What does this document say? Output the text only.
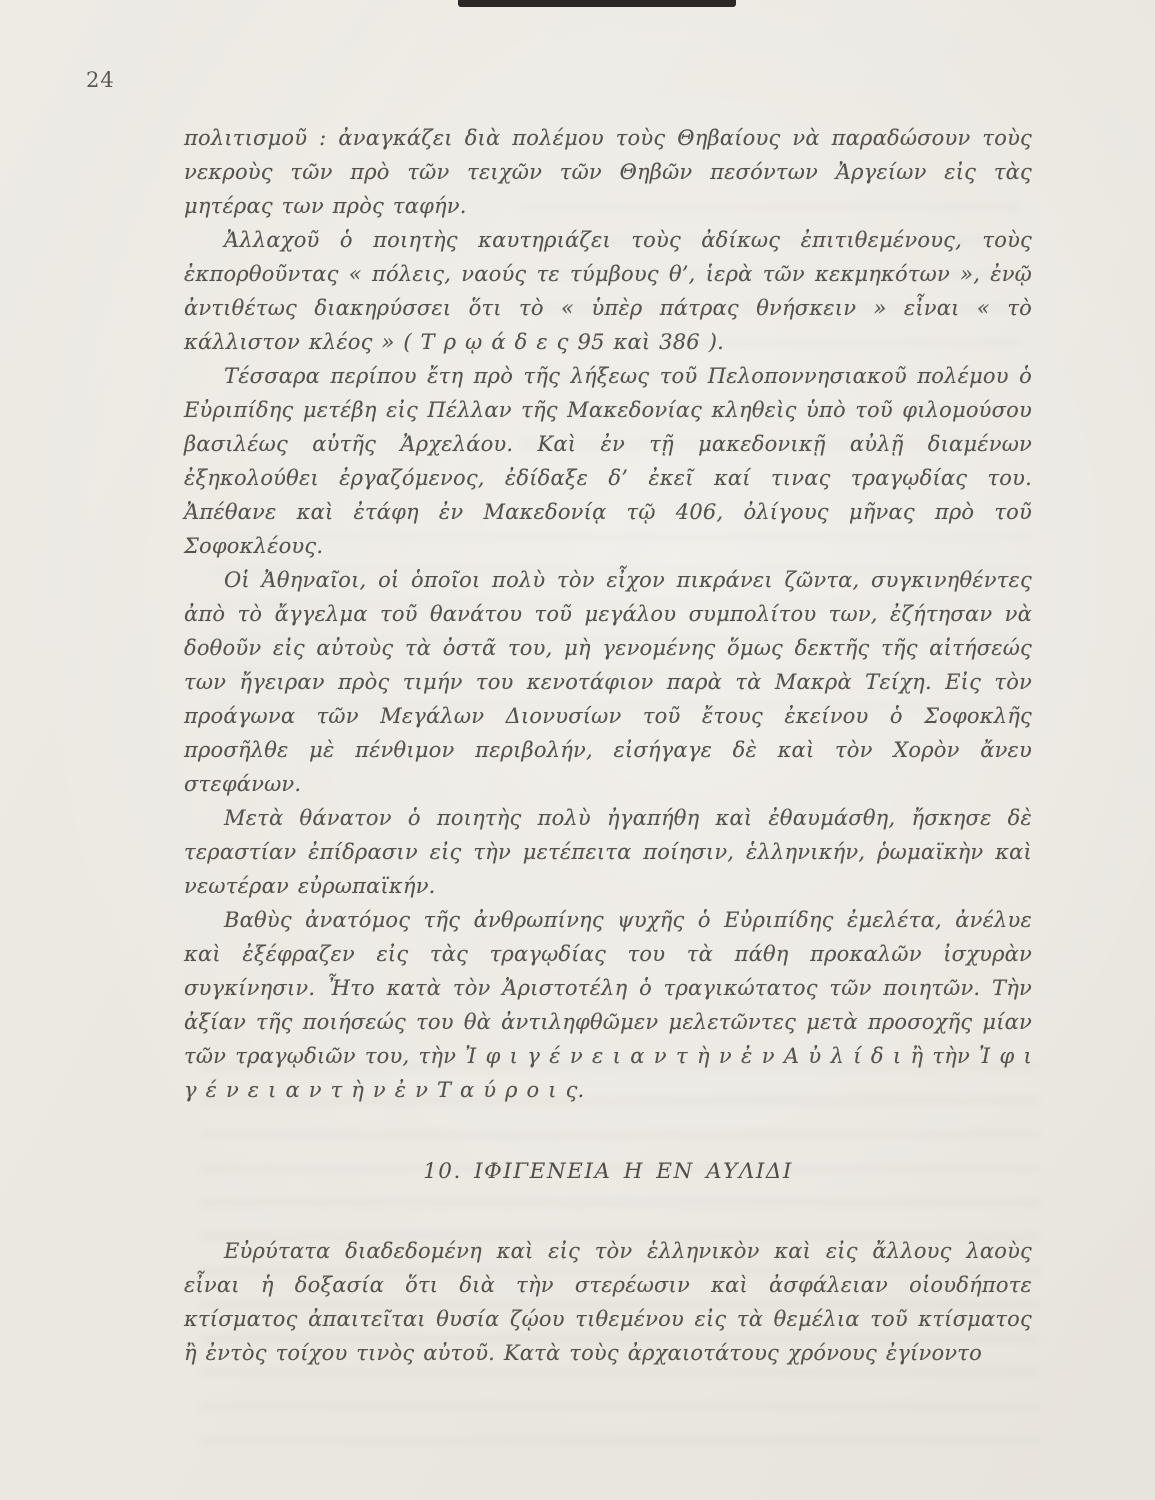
24

πολιτισμοῦ : ἀναγκάζει διὰ πολέμου τοὺς Θηβαίους νὰ παραδώσουν τοὺς νεκροὺς τῶν πρὸ τῶν τειχῶν τῶν Θηβῶν πεσόντων Ἀργείων εἰς τὰς μητέρας των πρὸς ταφήν.

Ἀλλαχοῦ ὁ ποιητὴς καυτηριάζει τοὺς ἀδίκως ἐπιτιθεμένους, τοὺς ἐκπορθοῦντας « πόλεις, ναούς τε τύμβους θ’, ἱερὰ τῶν κεκμηκότων », ἐνῷ ἀντιθέτως διακηρύσσει ὅτι τὸ « ὑπὲρ πάτρας θνήσκειν » εἶναι « τὸ κάλλιστον κλέος » ( Τ ρ ῳ ά δ ε ς 95 καὶ 386 ).

Τέσσαρα περίπου ἔτη πρὸ τῆς λήξεως τοῦ Πελοποννησιακοῦ πολέμου ὁ Εὐριπίδης μετέβη εἰς Πέλλαν τῆς Μακεδονίας κληθεὶς ὑπὸ τοῦ φιλομούσου βασιλέως αὐτῆς Ἀρχελάου. Καὶ ἐν τῇ μακεδονικῇ αὐλῇ διαμένων ἐξηκολούθει ἐργαζόμενος, ἐδίδαξε δ’ ἐκεῖ καί τινας τραγῳδίας του. Ἀπέθανε καὶ ἐτάφη ἐν Μακεδονίᾳ τῷ 406, ὀλίγους μῆνας πρὸ τοῦ Σοφοκλέους.

Οἱ Ἀθηναῖοι, οἱ ὁποῖοι πολὺ τὸν εἶχον πικράνει ζῶντα, συγκινηθέντες ἀπὸ τὸ ἄγγελμα τοῦ θανάτου τοῦ μεγάλου συμπολίτου των, ἐζήτησαν νὰ δοθοῦν εἰς αὐτοὺς τὰ ὀστᾶ του, μὴ γενομένης ὅμως δεκτῆς τῆς αἰτήσεώς των ἤγειραν πρὸς τιμήν του κενοτάφιον παρὰ τὰ Μακρὰ Τείχη. Εἰς τὸν προάγωνα τῶν Μεγάλων Διονυσίων τοῦ ἔτους ἐκείνου ὁ Σοφοκλῆς προσῆλθε μὲ πένθιμον περιβολήν, εἰσήγαγε δὲ καὶ τὸν Χορὸν ἄνευ στεφάνων.

Μετὰ θάνατον ὁ ποιητὴς πολὺ ἠγαπήθη καὶ ἐθαυμάσθη, ἤσκησε δὲ τεραστίαν ἐπίδρασιν εἰς τὴν μετέπειτα ποίησιν, ἑλληνικήν, ῥωμαϊκὴν καὶ νεωτέραν εὐρωπαϊκήν.

Βαθὺς ἀνατόμος τῆς ἀνθρωπίνης ψυχῆς ὁ Εὐριπίδης ἐμελέτα, ἀνέλυε καὶ ἐξέφραζεν εἰς τὰς τραγῳδίας του τὰ πάθη προκαλῶν ἰσχυρὰν συγκίνησιν. Ἦτο κατὰ τὸν Ἀριστοτέλη ὁ τραγικώτατος τῶν ποιητῶν. Τὴν ἀξίαν τῆς ποιήσεώς του θὰ ἀντιληφθῶμεν μελετῶντες μετὰ προσοχῆς μίαν τῶν τραγῳδιῶν του, τὴν Ἰ φ ι γ έ ν ε ι α ν τ ὴ ν ἐ ν Α ὐ λ ί δ ι ἢ τὴν Ἰ φ ι γ έ ν ε ι α ν τ ὴ ν ἐ ν Τ α ύ ρ ο ι ς.

10. ΙΦΙΓΕΝΕΙΑ Η ΕΝ ΑΥΛΙΔΙ

Εὐρύτατα διαδεδομένη καὶ εἰς τὸν ἑλληνικὸν καὶ εἰς ἄλλους λαοὺς εἶναι ἡ δοξασία ὅτι διὰ τὴν στερέωσιν καὶ ἀσφάλειαν οἱουδήποτε κτίσματος ἀπαιτεῖται θυσία ζῴου τιθεμένου εἰς τὰ θεμέλια τοῦ κτίσματος ἢ ἐντὸς τοίχου τινὸς αὐτοῦ. Κατὰ τοὺς ἀρχαιοτάτους χρόνους ἐγίνοντο
